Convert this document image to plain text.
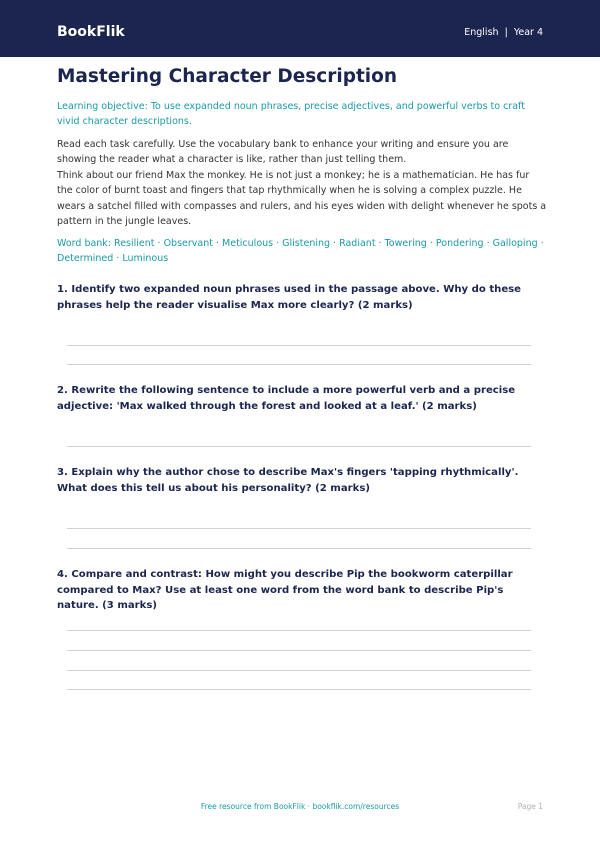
BookFlik	English  |  Year 4
Mastering Character Description

Learning objective: To use expanded noun phrases, precise adjectives, and powerful verbs to craft vivid character descriptions.

Read each task carefully. Use the vocabulary bank to enhance your writing and ensure you are showing the reader what a character is like, rather than just telling them.

Think about our friend Max the monkey. He is not just a monkey; he is a mathematician. He has fur the color of burnt toast and fingers that tap rhythmically when he is solving a complex puzzle. He wears a satchel filled with compasses and rulers, and his eyes widen with delight whenever he spots a pattern in the jungle leaves.

Word bank: Resilient · Observant · Meticulous · Glistening · Radiant · Towering · Pondering · Galloping · Determined · Luminous

1. Identify two expanded noun phrases used in the passage above. Why do these phrases help the reader visualise Max more clearly? (2 marks)

2. Rewrite the following sentence to include a more powerful verb and a precise adjective: 'Max walked through the forest and looked at a leaf.' (2 marks)

3. Explain why the author chose to describe Max's fingers 'tapping rhythmically'. What does this tell us about his personality? (2 marks)

4. Compare and contrast: How might you describe Pip the bookworm caterpillar compared to Max? Use at least one word from the word bank to describe Pip's nature. (3 marks)

Free resource from BookFlik · bookflik.com/resources	Page 1
